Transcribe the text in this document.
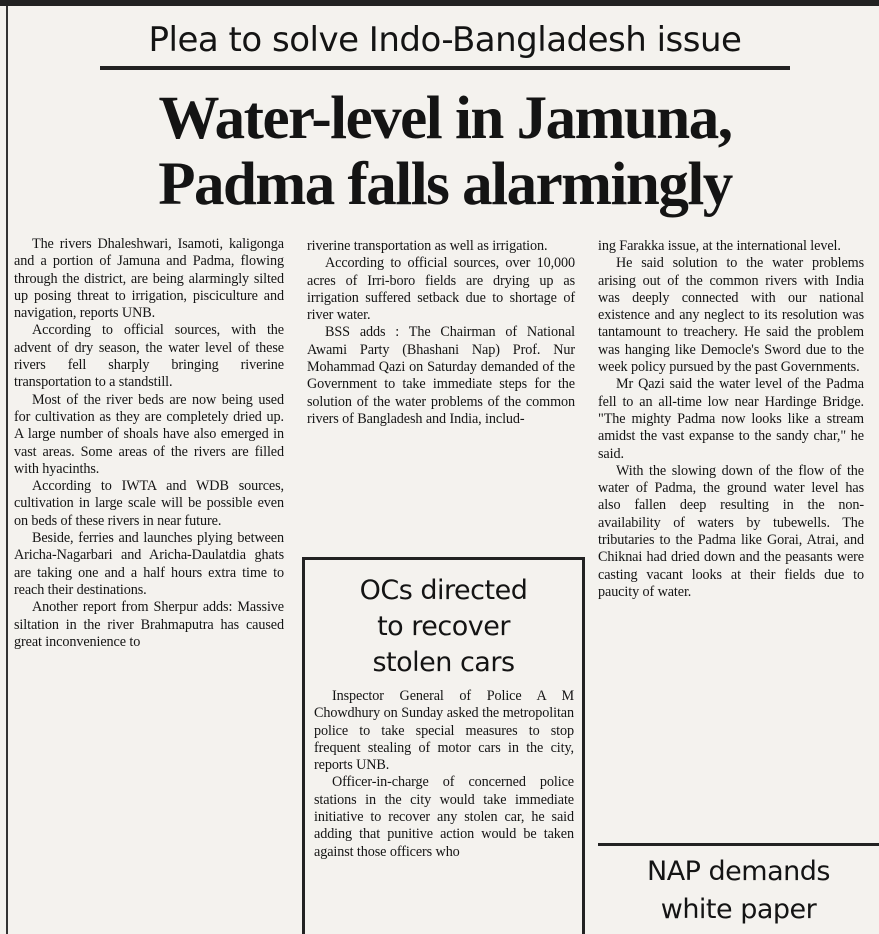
Plea to solve Indo-Bangladesh issue
Water-level in Jamuna,
Padma falls alarmingly

The rivers Dhaleshwari, Isamoti, kaligonga and a portion of Jamuna and Padma, flowing through the district, are being alarmingly silted up posing threat to irrigation, pisciculture and navigation, reports UNB.

According to official sources, with the advent of dry season, the water level of these rivers fell sharply bringing riverine transportation to a standstill.

Most of the river beds are now being used for cultivation as they are completely dried up. A large number of shoals have also emerged in vast areas. Some areas of the rivers are filled with hyacinths.

According to IWTA and WDB sources, cultivation in large scale will be possible even on beds of these rivers in near future.

Beside, ferries and launches plying between Aricha-Nagarbari and Aricha-Daulatdia ghats are taking one and a half hours extra time to reach their destinations.

Another report from Sherpur adds: Massive siltation in the river Brahmaputra has caused great inconvenience to

riverine transportation as well as irrigation.

According to official sources, over 10,000 acres of Irri-boro fields are drying up as irrigation suffered setback due to shortage of river water.

BSS adds : The Chairman of National Awami Party (Bhashani Nap) Prof. Nur Mohammad Qazi on Saturday demanded of the Government to take immediate steps for the solution of the water problems of the common rivers of Bangladesh and India, includ-

ing Farakka issue, at the international level.

He said solution to the water problems arising out of the common rivers with India was deeply connected with our national existence and any neglect to its resolution was tantamount to treachery. He said the problem was hanging like Democle's Sword due to the week policy pursued by the past Governments.

Mr Qazi said the water level of the Padma fell to an all-time low near Hardinge Bridge. "The mighty Padma now looks like a stream amidst the vast expanse to the sandy char," he said.

With the slowing down of the flow of the water of Padma, the ground water level has also fallen deep resulting in the non-availability of waters by tubewells. The tributaries to the Padma like Gorai, Atrai, and Chiknai had dried down and the peasants were casting vacant looks at their fields due to paucity of water.

OCs directed
to recover
stolen cars

Inspector General of Police A M Chowdhury on Sunday asked the metropolitan police to take special measures to stop frequent stealing of motor cars in the city, reports UNB.

Officer-in-charge of concerned police stations in the city would take immediate initiative to recover any stolen car, he said adding that punitive action would be taken against those officers who

NAP demands
white paper
